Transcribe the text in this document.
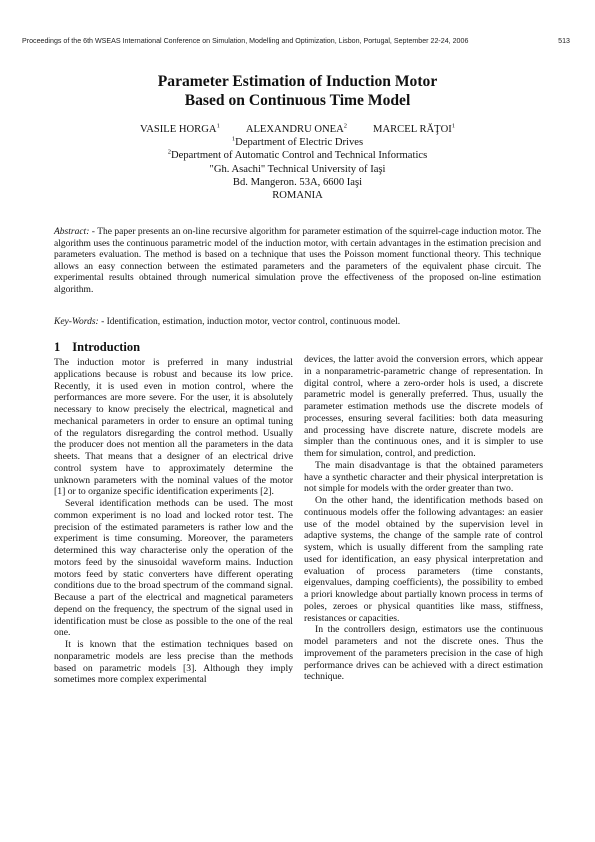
Proceedings of the 6th WSEAS International Conference on Simulation, Modelling and Optimization, Lisbon, Portugal, September 22-24, 2006	513
Parameter Estimation of Induction Motor
Based on Continuous Time Model
VASILE HORGA$^1$ ALEXANDRU ONEA$^2$ MARCEL RĂŢOI$^1$
$^1$Department of Electric Drives
$^2$Department of Automatic Control and Technical Informatics
"Gh. Asachi" Technical University of Iaşi
Bd. Mangeron. 53A, 6600 Iaşi
ROMANIA
Abstract: - The paper presents an on-line recursive algorithm for parameter estimation of the squirrel-cage induction motor. The algorithm uses the continuous parametric model of the induction motor, with certain advantages in the estimation precision and parameters evaluation. The method is based on a technique that uses the Poisson moment functional theory. This technique allows an easy connection between the estimated parameters and the parameters of the equivalent phase circuit. The experimental results obtained through numerical simulation prove the effectiveness of the proposed on-line estimation algorithm.
Key-Words: - Identification, estimation, induction motor, vector control, continuous model.
1 Introduction

The induction motor is preferred in many industrial applications because is robust and because its low price. Recently, it is used even in motion control, where the performances are more severe. For the user, it is absolutely necessary to know precisely the electrical, magnetical and mechanical parameters in order to ensure an optimal tuning of the regulators disregarding the control method. Usually the producer does not mention all the parameters in the data sheets. That means that a designer of an electrical drive control system have to approximately determine the unknown parameters with the nominal values of the motor [1] or to organize specific identification experiments [2].

Several identification methods can be used. The most common experiment is no load and locked rotor test. The precision of the estimated parameters is rather low and the experiment is time consuming. Moreover, the parameters determined this way characterise only the operation of the motors feed by the sinusoidal waveform mains. Induction motors feed by static converters have different operating conditions due to the broad spectrum of the command signal. Because a part of the electrical and magnetical parameters depend on the frequency, the spectrum of the signal used in identification must be close as possible to the one of the real one.

It is known that the estimation techniques based on nonparametric models are less precise than the methods based on parametric models [3]. Although they imply sometimes more complex experimental

devices, the latter avoid the conversion errors, which appear in a nonparametric-parametric change of representation. In digital control, where a zero-order hols is used, a discrete parametric model is generally preferred. Thus, usually the parameter estimation methods use the discrete models of processes, ensuring several facilities: both data measuring and processing have discrete nature, discrete models are simpler than the continuous ones, and it is simpler to use them for simulation, control, and prediction.

The main disadvantage is that the obtained parameters have a synthetic character and their physical interpretation is not simple for models with the order greater than two.

On the other hand, the identification methods based on continuous models offer the following advantages: an easier use of the model obtained by the supervision level in adaptive systems, the change of the sample rate of control system, which is usually different from the sampling rate used for identification, an easy physical interpretation and evaluation of process parameters (time constants, eigenvalues, damping coefficients), the possibility to embed a priori knowledge about partially known process in terms of poles, zeroes or physical quantities like mass, stiffness, resistances or capacities.

In the controllers design, estimators use the continuous model parameters and not the discrete ones. Thus the improvement of the parameters precision in the case of high performance drives can be achieved with a direct estimation technique.
